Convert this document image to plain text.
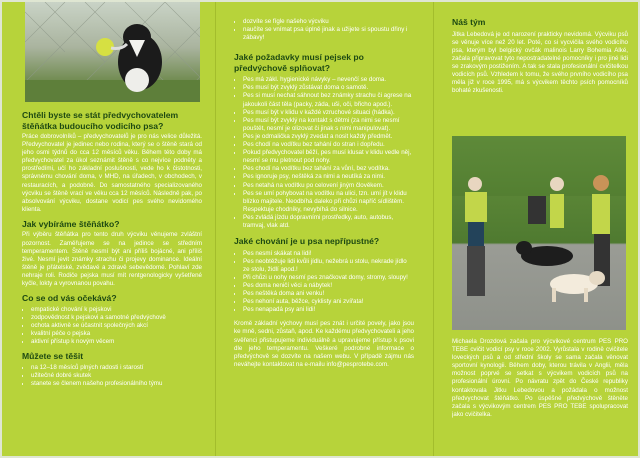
Chtěli byste se stát předvychovatelem štěňátka budoucího vodicího psa?

Práce dobrovolníků – předvychovatelů je pro nás velice důležitá. Předvychovatel je jedinec nebo rodina, který se o štěně stará od jeho osmi týdnů do cca 12 měsíců věku. Během této doby má předvychovatel za úkol seznámit štěně s co nejvíce podněty a prostředími, učí ho základní poslušnosti, vede ho k čistotnosti, správnému chování doma, v MHD, na úřadech, v obchodech, v restauracích, a podobně. Do samostatného specializovaného výcviku se štěně vrací ve věku cca 12 měsíců. Následně pak, po absolvování výcviku, dostane vodicí pes svého nevidomého klienta.

Jak vybíráme štěňátko?

Při výběru štěňátka pro tento druh výcviku věnujeme zvláštní pozornost. Zaměřujeme se na jedince se středním temperamentem. Štěně nesmí být ani příliš bojácné, ani příliš živé. Nesmí jevit známky strachu či projevy dominance. Ideální štěně je přátelské, zvědavé a zdravě sebevědomé. Pohlaví zde nehraje roli. Rodiče pejska musí mít rentgenologicky vyšetřené kyčle, lokty a vyrovnanou povahu.

Co se od vás očekává?

• empatické chování k pejskovi
• zodpovědnost k pejskovi a samotné předvýchově
• ochota aktivně se účastnit společných akcí
• kvalitní péče o pejska
• aktivní přístup k novým věcem

Můžete se těšit

• na 12–18 měsíců plných radosti i starostí
• užitečné dobré skutek
• stanete se členem našeho profesionálního týmu
• dozvíte se fígle našeho výcviku
• naučíte se vnímat psa úplně jinak a užijete si spoustu dřiny i zábavy!

Jaké požadavky musí pejsek po předvýchově splňovat?

• Pes má zákl. hygienické návyky – nevenčí se doma.
• Pes musí být zvyklý zůstávat doma o samotě.
• Pes si musí nechat sáhnout bez známky strachu či agrese na jakoukoli část těla (packy, záda, uši, oči, břicho apod.).
• Pes musí být v klidu v každé vzruchové situaci (hádka).
• Pes musí být zvyklý na kontakt s dětmi (za nimi se nesmí pouštět, nesmí je olizovat či jinak s nimi manipulovat).
• Pes je odmalička zvyklý zvedat a nosit každý předmět.
• Pes chodí na vodítku bez tahání do stran i dopředu.
• Pokud předvychovatel běží, pes musí klusat v klidu vedle něj, nesmí se mu pletnout pod nohy.
• Pes chodí na vodítku bez tahání za vůní, bez vodítka.
• Pes ignoruje psy, neštěká za nimi a neutíká za nimi.
• Pes netahá na vodítku po celovení jiným člověkem.
• Pes se umí pohybovat na vodítku na ulici, tzn. umí jít v klidu blízko majitele. Neodbíhá daleko při chůzi napříč sídlištěm. Respektuje chodníky, nevybíhá do silnice.
• Pes zvládá jízdu dopravními prostředky, auto, autobus, tramvaj, vlak atd.

Jaké chování je u psa nepřípustné?

• Pes nesmí skákat na lidi!
• Pes neobtěžuje lidi kvůli jídlu, nežebrá u stolu, nekrade jídlo ze stolu, židlí apod.!
• Při chůzi u nohy nesmí pes značkovat domy, stromy, sloupy!
• Pes doma neničí věci a nábytek!
• Pes neštěká doma ani venku!
• Pes nehoní auta, běžce, cyklisty ani zvířata!
• Pes nenapadá psy ani lidi!

Kromě základní výchovy musí pes znát i určité povely, jako jsou ke mně, sedni, zůstaň, apod. Ke každému předvychovateli a jeho svěřenci přistupujeme individuálně a upravujeme přístup k psovi dle jeho temperamentu. Veškeré podrobné informace o předvýchově se dozvíte na našem webu. V případě zájmu nás neváhejte kontaktovat na e-mailu info@pesprotebe.com.

Náš tým

Jitka Lebedová je od narození prakticky nevidomá. Výcviku psů se věnuje více než 20 let. Poté, co si vycvičila svého vodicího psa, kterým byl belgický ovčák malinois Larry Bohemia Alké, začala připravovat tyto nepostradatelné pomocníky i pro jiné lidi se zrakovým postižením. A tak se stala profesionální cvičitelkou vodicích psů. Vzhledem k tomu, že svého prvního vodicího psa měla již v roce 1995, má s výcvikem těchto psích pomocníků bohaté zkušenosti.

Michaela Drozdová začala pro výcvikové centrum PES PRO TEBE cvičit vodicí psy v roce 2002. Vyrůstala v rodině cvičitele loveckých psů a od střední školy se sama začala věnovat sportovní kynologii. Během doby, kterou trávila v Anglii, měla možnost poprvé se setkat s výcvikem vodicích psů na profesionální úrovni. Po návratu zpět do České republiky kontaktovala Jitku Lebedovou a požádala o možnost předvychovat štěňátko. Po úspěšné předvýchově štěněte začala s výcvikovým centrem PES PRO TEBE spolupracovat jako cvičitelka.
